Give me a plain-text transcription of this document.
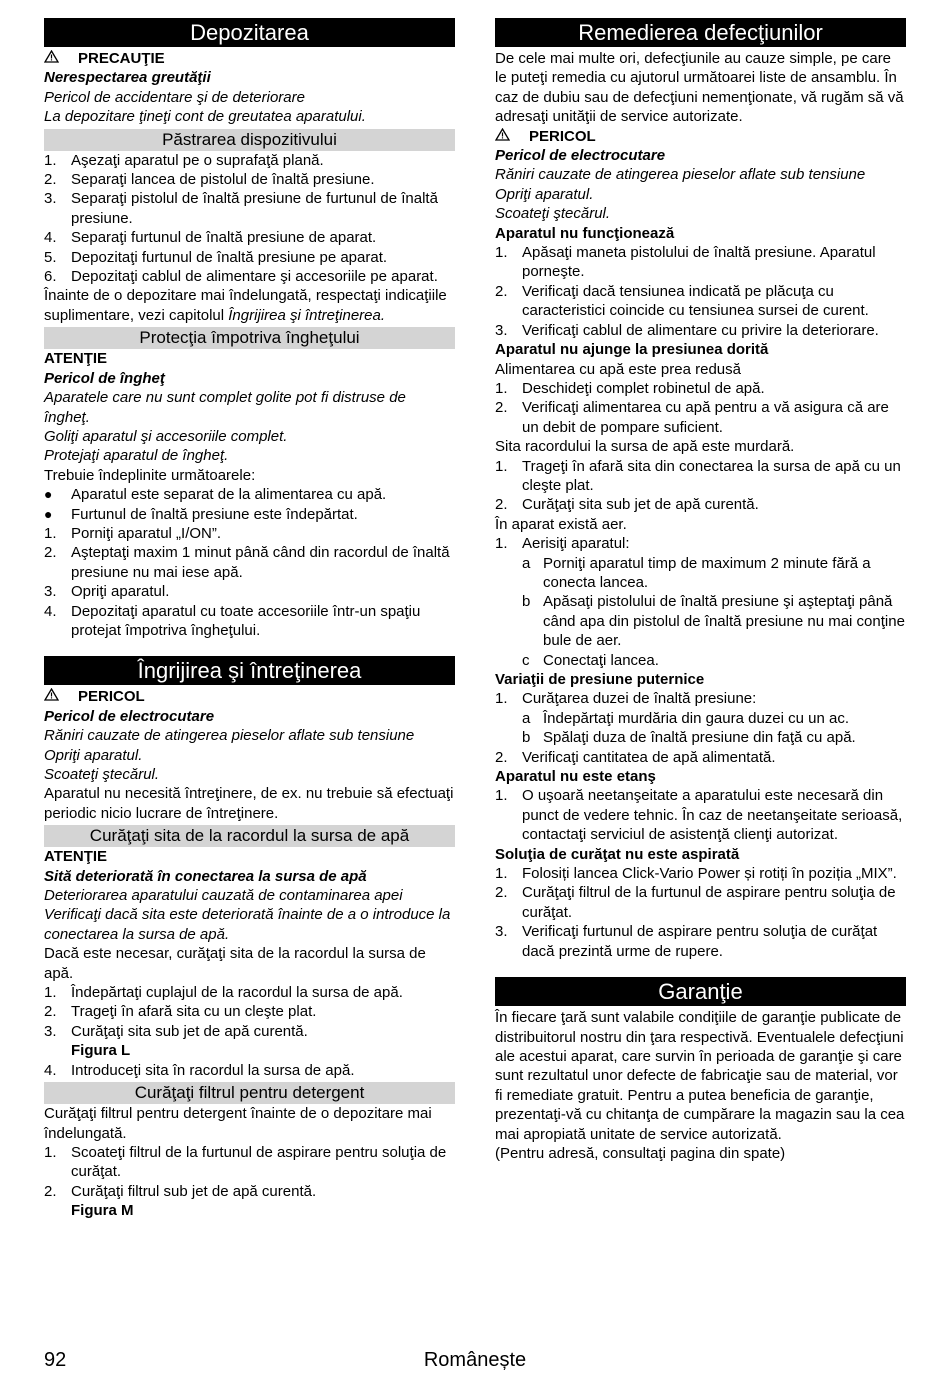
Depozitarea
PRECAUŢIE
Nerespectarea greutăţii
Pericol de accidentare şi de deteriorare
La depozitare ţineţi cont de greutatea aparatului.
Păstrarea dispozitivului
1. Aşezaţi aparatul pe o suprafaţă plană.
2. Separaţi lancea de pistolul de înaltă presiune.
3. Separaţi pistolul de înaltă presiune de furtunul de înaltă presiune.
4. Separaţi furtunul de înaltă presiune de aparat.
5. Depozitaţi furtunul de înaltă presiune pe aparat.
6. Depozitaţi cablul de alimentare şi accesoriile pe aparat.
Înainte de o depozitare mai îndelungată, respectaţi indicaţiile suplimentare, vezi capitolul Îngrijirea şi întreţinerea.
Protecţia împotriva îngheţului
ATENŢIE
Pericol de îngheţ
Aparatele care nu sunt complet golite pot fi distruse de îngheţ.
Goliţi aparatul şi accesoriile complet.
Protejaţi aparatul de îngheţ.
Trebuie îndeplinite următoarele:
●	Aparatul este separat de la alimentarea cu apă.
●	Furtunul de înaltă presiune este îndepărtat.
1. Porniţi aparatul „I/ON”.
2. Aşteptaţi maxim 1 minut până când din racordul de înaltă presiune nu mai iese apă.
3. Opriţi aparatul.
4. Depozitaţi aparatul cu toate accesoriile într-un spaţiu protejat împotriva îngheţului.
Îngrijirea şi întreţinerea
PERICOL
Pericol de electrocutare
Răniri cauzate de atingerea pieselor aflate sub tensiune
Opriţi aparatul.
Scoateţi ştecărul.
Aparatul nu necesită întreţinere, de ex. nu trebuie să efectuaţi periodic nicio lucrare de întreţinere.
Curăţaţi sita de la racordul la sursa de apă
ATENŢIE
Sită deteriorată în conectarea la sursa de apă
Deteriorarea aparatului cauzată de contaminarea apei
Verificaţi dacă sita este deteriorată înainte de a o introduce la conectarea la sursa de apă.
Dacă este necesar, curăţaţi sita de la racordul la sursa de apă.
1. Îndepărtaţi cuplajul de la racordul la sursa de apă.
2. Trageţi în afară sita cu un cleşte plat.
3. Curăţaţi sita sub jet de apă curentă.
Figura L
4. Introduceţi sita în racordul la sursa de apă.
Curăţaţi filtrul pentru detergent
Curăţaţi filtrul pentru detergent înainte de o depozitare mai îndelungată.
1. Scoateţi filtrul de la furtunul de aspirare pentru soluţia de curăţat.
2. Curăţaţi filtrul sub jet de apă curentă.
Figura M
Remedierea defecţiunilor
De cele mai multe ori, defecţiunile au cauze simple, pe care le puteţi remedia cu ajutorul următoarei liste de ansamblu. În caz de dubiu sau de defecţiuni nemenţionate, vă rugăm să vă adresaţi unităţii de service autorizate.
PERICOL
Pericol de electrocutare
Răniri cauzate de atingerea pieselor aflate sub tensiune
Opriţi aparatul.
Scoateţi ştecărul.
Aparatul nu funcţionează
1. Apăsaţi maneta pistolului de înaltă presiune. Aparatul porneşte.
2. Verificaţi dacă tensiunea indicată pe plăcuţa cu caracteristici coincide cu tensiunea sursei de curent.
3. Verificaţi cablul de alimentare cu privire la deteriorare.
Aparatul nu ajunge la presiunea dorită
Alimentarea cu apă este prea redusă
1. Deschideţi complet robinetul de apă.
2. Verificaţi alimentarea cu apă pentru a vă asigura că are un debit de pompare suficient.
Sita racordului la sursa de apă este murdară.
1. Trageţi în afară sita din conectarea la sursa de apă cu un cleşte plat.
2. Curăţaţi sita sub jet de apă curentă.
În aparat există aer.
1. Aerisiţi aparatul:
a Porniţi aparatul timp de maximum 2 minute fără a conecta lancea.
b Apăsaţi pistolului de înaltă presiune şi aşteptaţi până când apa din pistolul de înaltă presiune nu mai conţine bule de aer.
c Conectaţi lancea.
Variaţii de presiune puternice
1. Curăţarea duzei de înaltă presiune:
a Îndepărtaţi murdăria din gaura duzei cu un ac.
b Spălaţi duza de înaltă presiune din faţă cu apă.
2. Verificaţi cantitatea de apă alimentată.
Aparatul nu este etanş
1. O uşoară neetanşeitate a aparatului este necesară din punct de vedere tehnic. În caz de neetanşeitate serioasă, contactaţi serviciul de asistenţă clienţi autorizat.
Soluţia de curăţat nu este aspirată
1. Folosiți lancea Click-Vario Power și rotiți în poziția „MIX”.
2. Curăţaţi filtrul de la furtunul de aspirare pentru soluţia de curăţat.
3. Verificaţi furtunul de aspirare pentru soluţia de curăţat dacă prezintă urme de rupere.
Garanţie
În fiecare ţară sunt valabile condiţiile de garanţie publicate de distribuitorul nostru din ţara respectivă. Eventualele defecţiuni ale acestui aparat, care survin în perioada de garanţie şi care sunt rezultatul unor defecte de fabricaţie sau de material, vor fi remediate gratuit. Pentru a putea beneficia de garanţie, prezentaţi-vă cu chitanţa de cumpărare la magazin sau la cea mai apropiată unitate de service autorizată.
(Pentru adresă, consultaţi pagina din spate)
92	Românește
